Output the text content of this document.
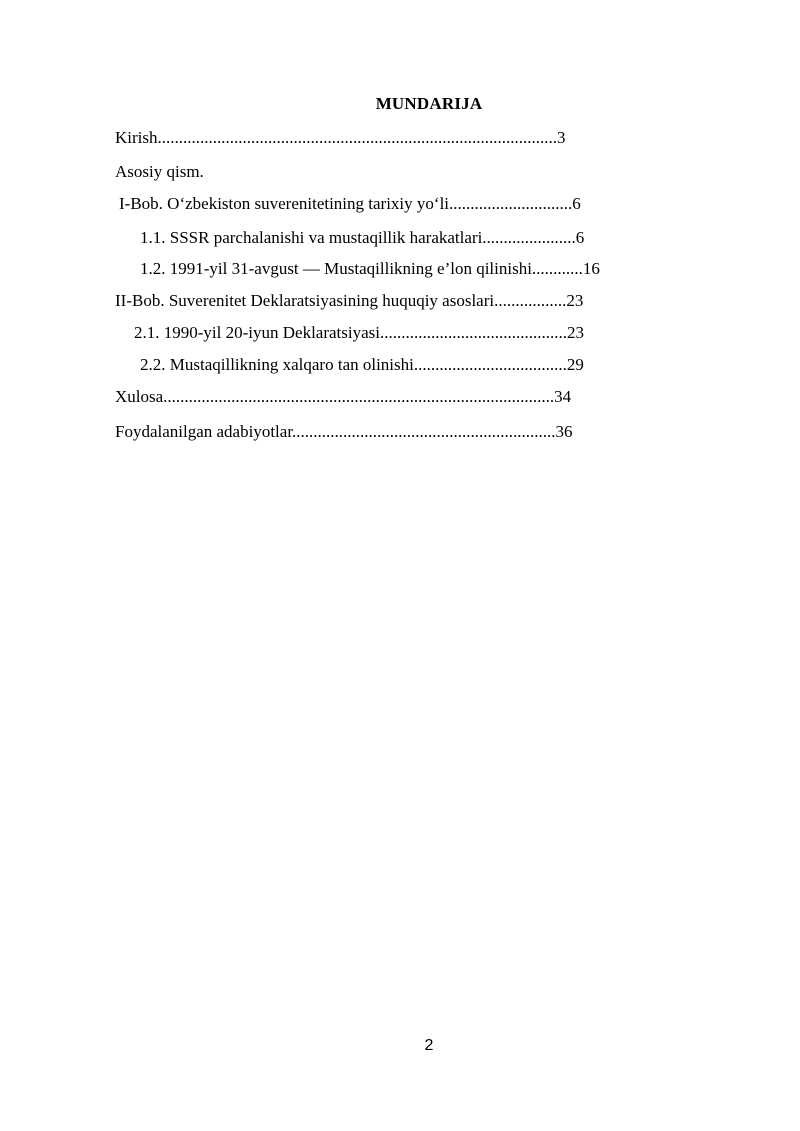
MUNDARIJA
Kirish..............................................................................................3
Asosiy qism.
I-Bob. O‘zbekiston suverenitetining tarixiy yo‘li.............................6
1.1. SSSR parchalanishi va mustaqillik harakatlari......................6
1.2. 1991-yil 31-avgust — Mustaqillikning e’lon qilinishi............16
II-Bob. Suverenitet Deklaratsiyasining huquqiy asoslari.................23
2.1. 1990-yil 20-iyun Deklaratsiyasi............................................23
2.2. Mustaqillikning xalqaro tan olinishi....................................29
Xulosa............................................................................................34
Foydalanilgan adabiyotlar..............................................................36
2
